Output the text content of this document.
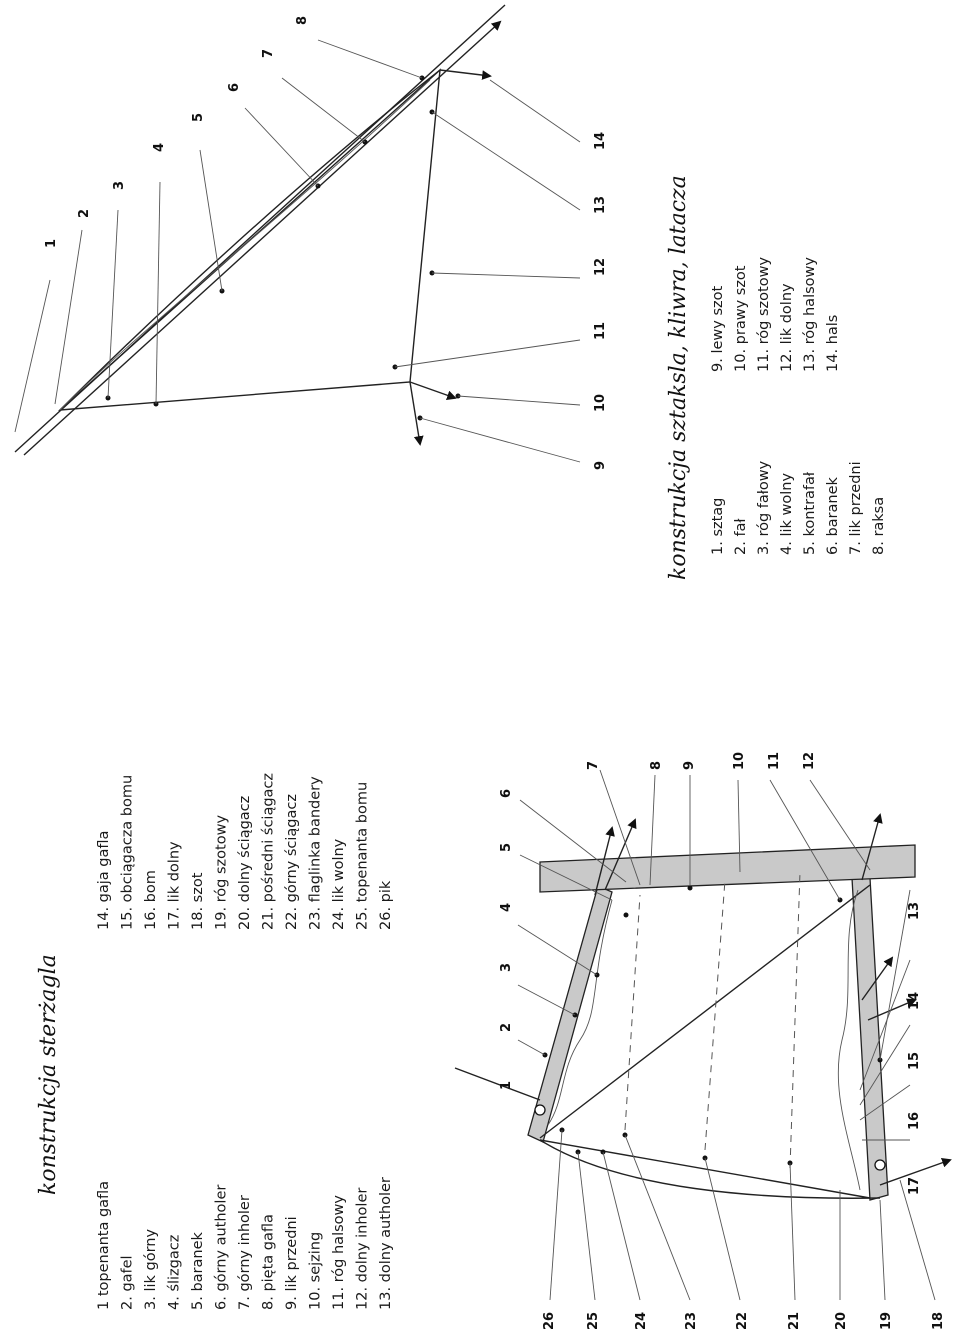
1
2
3
4
5
6
7
8
9
10
11
12
13
14
konstrukcja sztaksla, kliwra, latacza 1. sztag 2. fał 3. róg fałowy 4. lik wolny 5. kontrafał 6. baranek 7. lik przedni 8. raksa
9. lewy szot 10. prawy szot 11. róg szotowy 12. lik dolny 13. róg halsowy 14. hals
1
2
3
4
5
6
7	8 9	10 11 12
13
14
15
16
17
18
19
20
21
22
23
24
25
26
konstrukcja sterżagla
1 topenanta gafla 2. gafel 3. lik górny 4. ślizgacz 5. baranek 6. górny autholer 7. górny inholer 8. pięta gafla 9. lik przedni 10. sejzing 11. róg halsowy 12. dolny inholer 13. dolny autholer
14. gaja gafla 15. obciągacza bomu 16. bom 17. lik dolny 18. szot 19. róg szotowy 20. dolny ściągacz 21. pośredni ściągacz 22. górny ściągacz 23. flaglinka bandery 24. lik wolny 25. topenanta bomu 26. pik
